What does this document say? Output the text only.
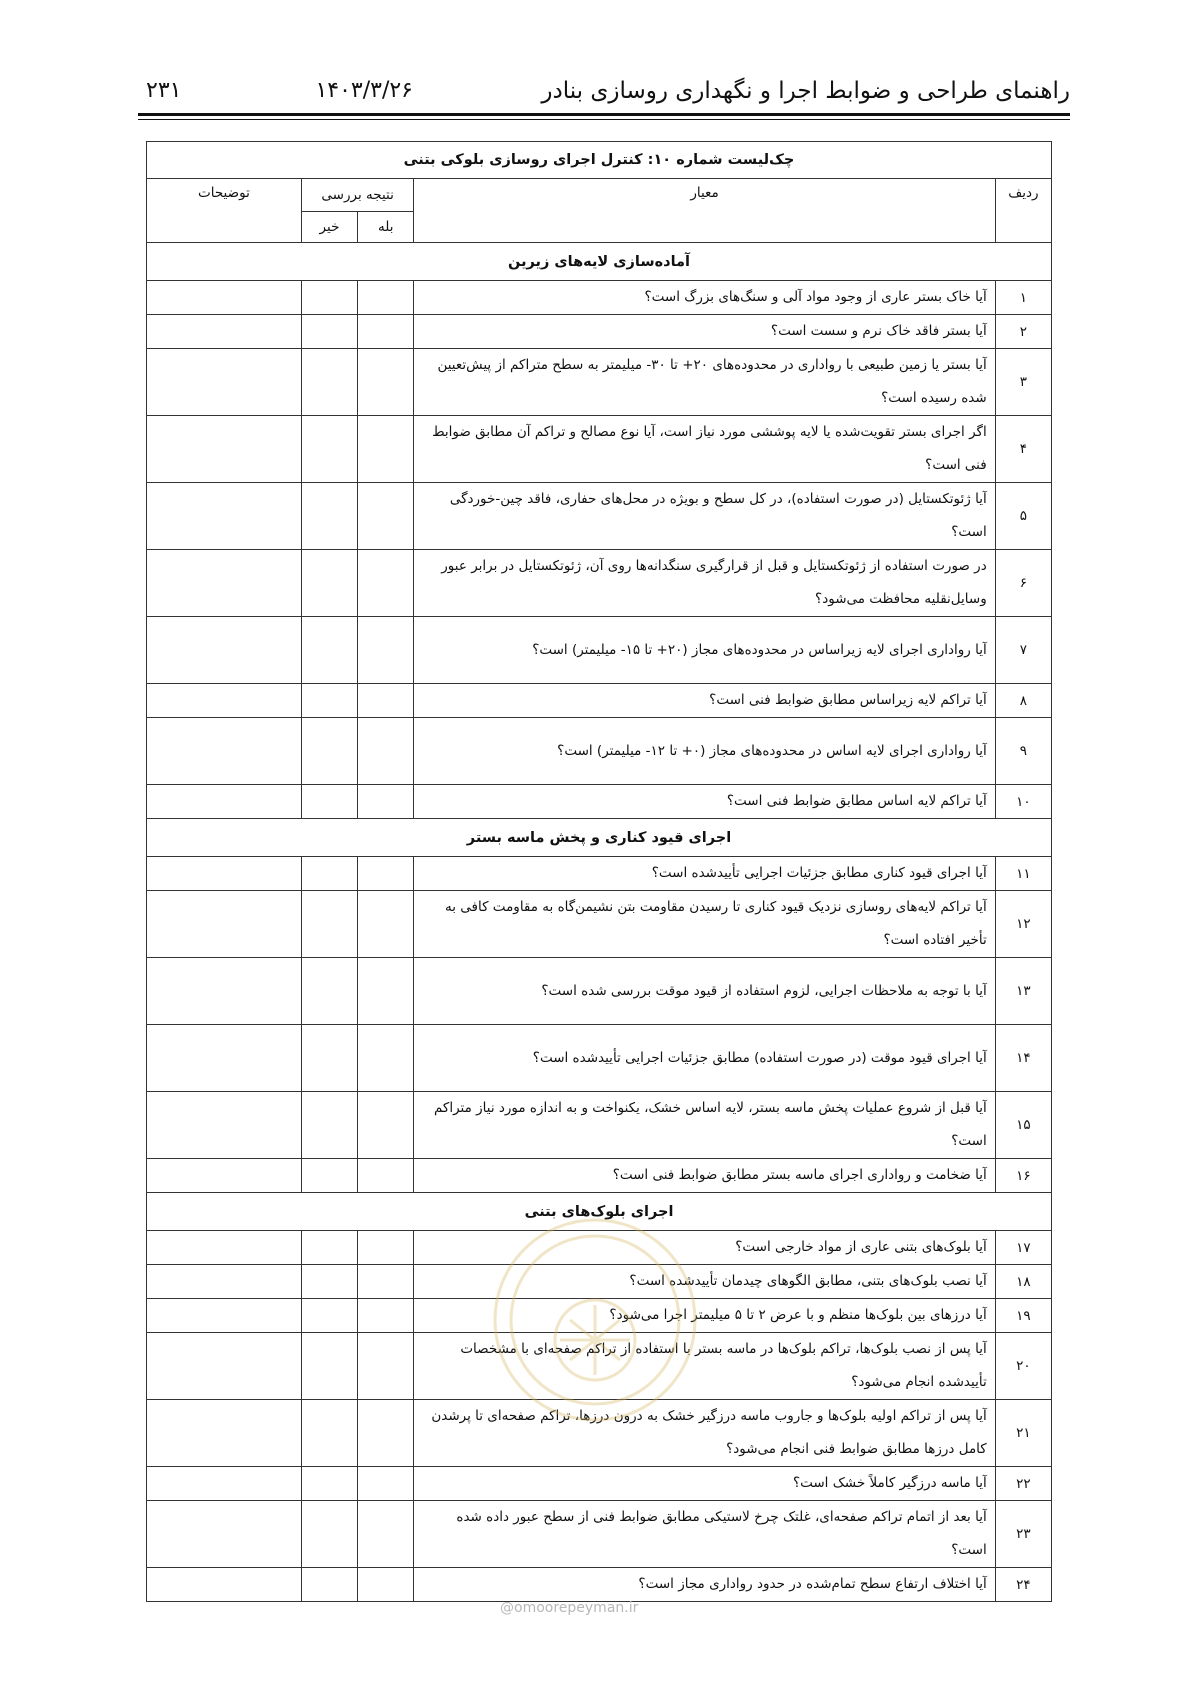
راهنمای طراحی و ضوابط اجرا و نگهداری روسازی بنادر
۱۴۰۳/۳/۲۶
۲۳۱
چک‌لیست شماره ۱۰: کنترل اجرای روسازی بلوکی بتنی				
ردیف	معیار	نتیجه بررسی		توضیحات
		بله	خیر	
آماده‌سازی لایه‌های زیرین				
۱	آیا خاک بستر عاری از وجود مواد آلی و سنگ‌های بزرگ است؟			
۲	آیا بستر فاقد خاک نرم و سست است؟			
۳	آیا بستر یا زمین طبیعی با رواداری در محدوده‌های ۲۰+ تا ۳۰- میلیمتر به سطح متراکم از پیش‌تعیین شده رسیده است؟			
۴	اگر اجرای بستر تقویت‌شده یا لایه پوششی مورد نیاز است، آیا نوع مصالح و تراکم آن مطابق ضوابط فنی است؟			
۵	آیا ژئوتکستایل (در صورت استفاده)، در کل سطح و بویژه در محل‌های حفاری، فاقد چین-خوردگی است؟			
۶	در صورت استفاده از ژئوتکستایل و قبل از قرارگیری سنگدانه‌ها روی آن، ژئوتکستایل در برابر عبور وسایل‌نقلیه محافظت می‌شود؟			
۷	آیا رواداری اجرای لایه زیراساس در محدوده‌های مجاز (۲۰+ تا ۱۵- میلیمتر) است؟			
۸	آیا تراکم لایه زیراساس مطابق ضوابط فنی است؟			
۹	آیا رواداری اجرای لایه اساس در محدوده‌های مجاز (۰+ تا ۱۲- میلیمتر) است؟			
۱۰	آیا تراکم لایه اساس مطابق ضوابط فنی است؟			
اجرای قیود کناری و پخش ماسه بستر				
۱۱	آیا اجرای قیود کناری مطابق جزئیات اجرایی تأییدشده است؟			
۱۲	آیا تراکم لایه‌های روسازی نزدیک قیود کناری تا رسیدن مقاومت بتن نشیمن‌گاه به مقاومت کافی به تأخیر افتاده است؟			
۱۳	آیا با توجه به ملاحظات اجرایی، لزوم استفاده از قیود موقت بررسی شده است؟			
۱۴	آیا اجرای قیود موقت (در صورت استفاده) مطابق جزئیات اجرایی تأییدشده است؟			
۱۵	آیا قبل از شروع عملیات پخش ماسه بستر، لایه اساس خشک، یکنواخت و به اندازه مورد نیاز متراکم است؟			
۱۶	آیا ضخامت و رواداری اجرای ماسه بستر مطابق ضوابط فنی است؟			
اجرای بلوک‌های بتنی				
۱۷	آیا بلوک‌های بتنی عاری از مواد خارجی است؟			
۱۸	آیا نصب بلوک‌های بتنی، مطابق الگوهای چیدمان تأییدشده است؟			
۱۹	آیا درزهای بین بلوک‌ها منظم و با عرض ۲ تا ۵ میلیمتر اجرا می‌شود؟			
۲۰	آیا پس از نصب بلوک‌ها، تراکم بلوک‌ها در ماسه بستر با استفاده از تراکم صفحه‌ای با مشخصات تأییدشده انجام می‌شود؟			
۲۱	آیا پس از تراکم اولیه بلوک‌ها و جاروب ماسه درزگیر خشک به درون درزها، تراکم صفحه‌ای تا پرشدن کامل درزها مطابق ضوابط فنی انجام می‌شود؟			
۲۲	آیا ماسه درزگیر کاملاً خشک است؟			
۲۳	آیا بعد از اتمام تراکم صفحه‌ای، غلتک چرخ لاستیکی مطابق ضوابط فنی از سطح عبور داده شده است؟			
۲۴	آیا اختلاف ارتفاع سطح تمام‌شده در حدود رواداری مجاز است؟			
@omoorepeyman.ir
